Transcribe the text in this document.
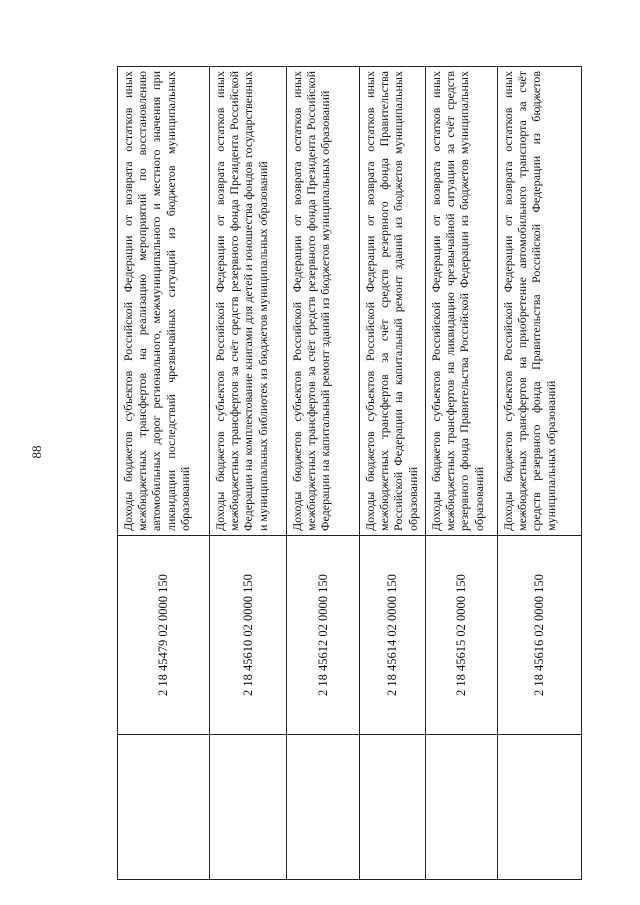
88
	2 18 45479 02 0000 150	Доходы бюджетов субъектов Российской Федерации от возврата остатков иных межбюджетных трансфертов на реализацию мероприятий по восстановлению автомобильных дорог регионального, межмуниципального и местного значения при ликвидации последствий чрезвычайных ситуаций из бюджетов муниципальных образований
	2 18 45610 02 0000 150	Доходы бюджетов субъектов Российской Федерации от возврата остатков иных межбюджетных трансфертов за счёт средств резервного фонда Президента Российской Федерации на комплектование книгами для детей и юношества фондов государственных и муниципальных библиотек из бюджетов муниципальных образований
	2 18 45612 02 0000 150	Доходы бюджетов субъектов Российской Федерации от возврата остатков иных межбюджетных трансфертов за счёт средств резервного фонда Президента Российской Федерации на капитальный ремонт зданий из бюджетов муниципальных образований
	2 18 45614 02 0000 150	Доходы бюджетов субъектов Российской Федерации от возврата остатков иных межбюджетных трансфертов за счёт средств резервного фонда Правительства Российской Федерации на капитальный ремонт зданий из бюджетов муниципальных образований
	2 18 45615 02 0000 150	Доходы бюджетов субъектов Российской Федерации от возврата остатков иных межбюджетных трансфертов на ликвидацию чрезвычайной ситуации за счёт средств резервного фонда Правительства Российской Федерации из бюджетов муниципальных образований
	2 18 45616 02 0000 150	Доходы бюджетов субъектов Российской Федерации от возврата остатков иных межбюджетных трансфертов на приобретение автомобильного транспорта за счёт средств резервного фонда Правительства Российской Федерации из бюджетов муниципальных образований
